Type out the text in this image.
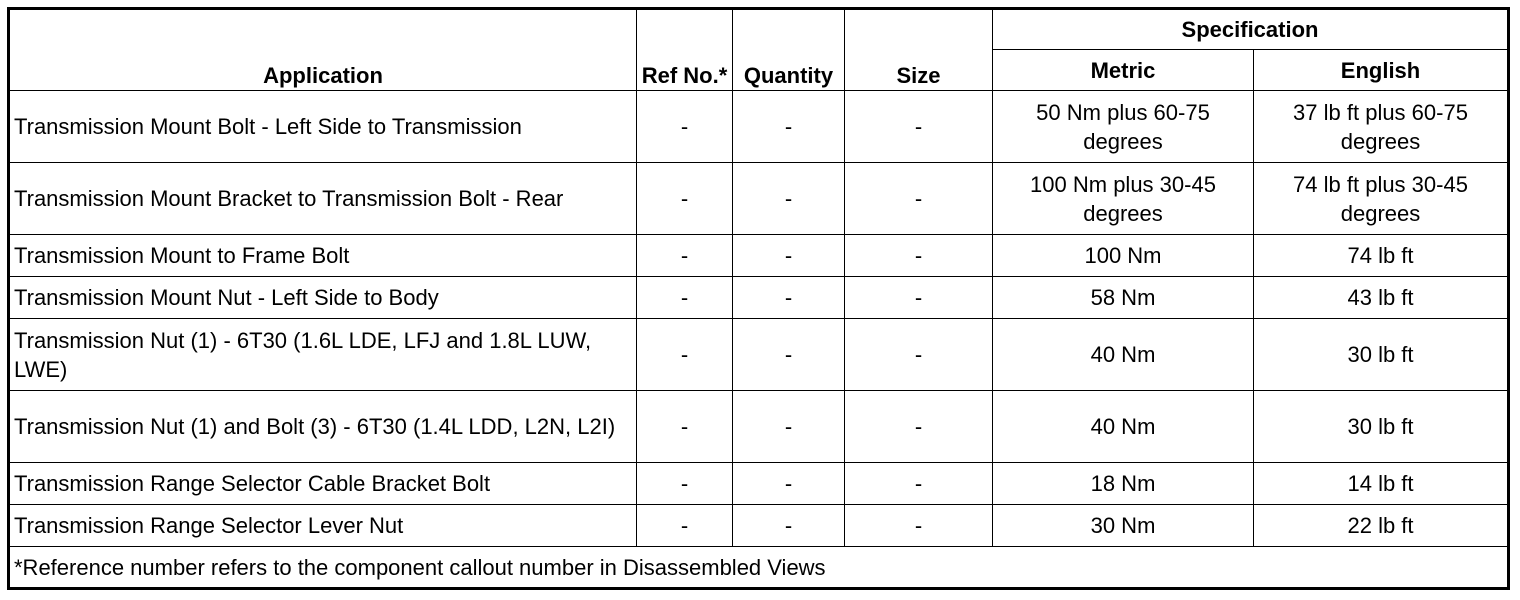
Application	Ref No.*	Quantity	Size	Specification	
				Metric	English
Transmission Mount Bolt - Left Side to Transmission	-	-	-	50 Nm plus 60-75 degrees	37 lb ft plus 60-75 degrees
Transmission Mount Bracket to Transmission Bolt - Rear	-	-	-	100 Nm plus 30-45 degrees	74 lb ft plus 30-45 degrees
Transmission Mount to Frame Bolt	-	-	-	100 Nm	74 lb ft
Transmission Mount Nut - Left Side to Body	-	-	-	58 Nm	43 lb ft
Transmission Nut (1) - 6T30 (1.6L LDE, LFJ and 1.8L LUW, LWE)	-	-	-	40 Nm	30 lb ft
Transmission Nut (1) and Bolt (3) - 6T30 (1.4L LDD, L2N, L2I)	-	-	-	40 Nm	30 lb ft
Transmission Range Selector Cable Bracket Bolt	-	-	-	18 Nm	14 lb ft
Transmission Range Selector Lever Nut	-	-	-	30 Nm	22 lb ft
*Reference number refers to the component callout number in Disassembled Views					
